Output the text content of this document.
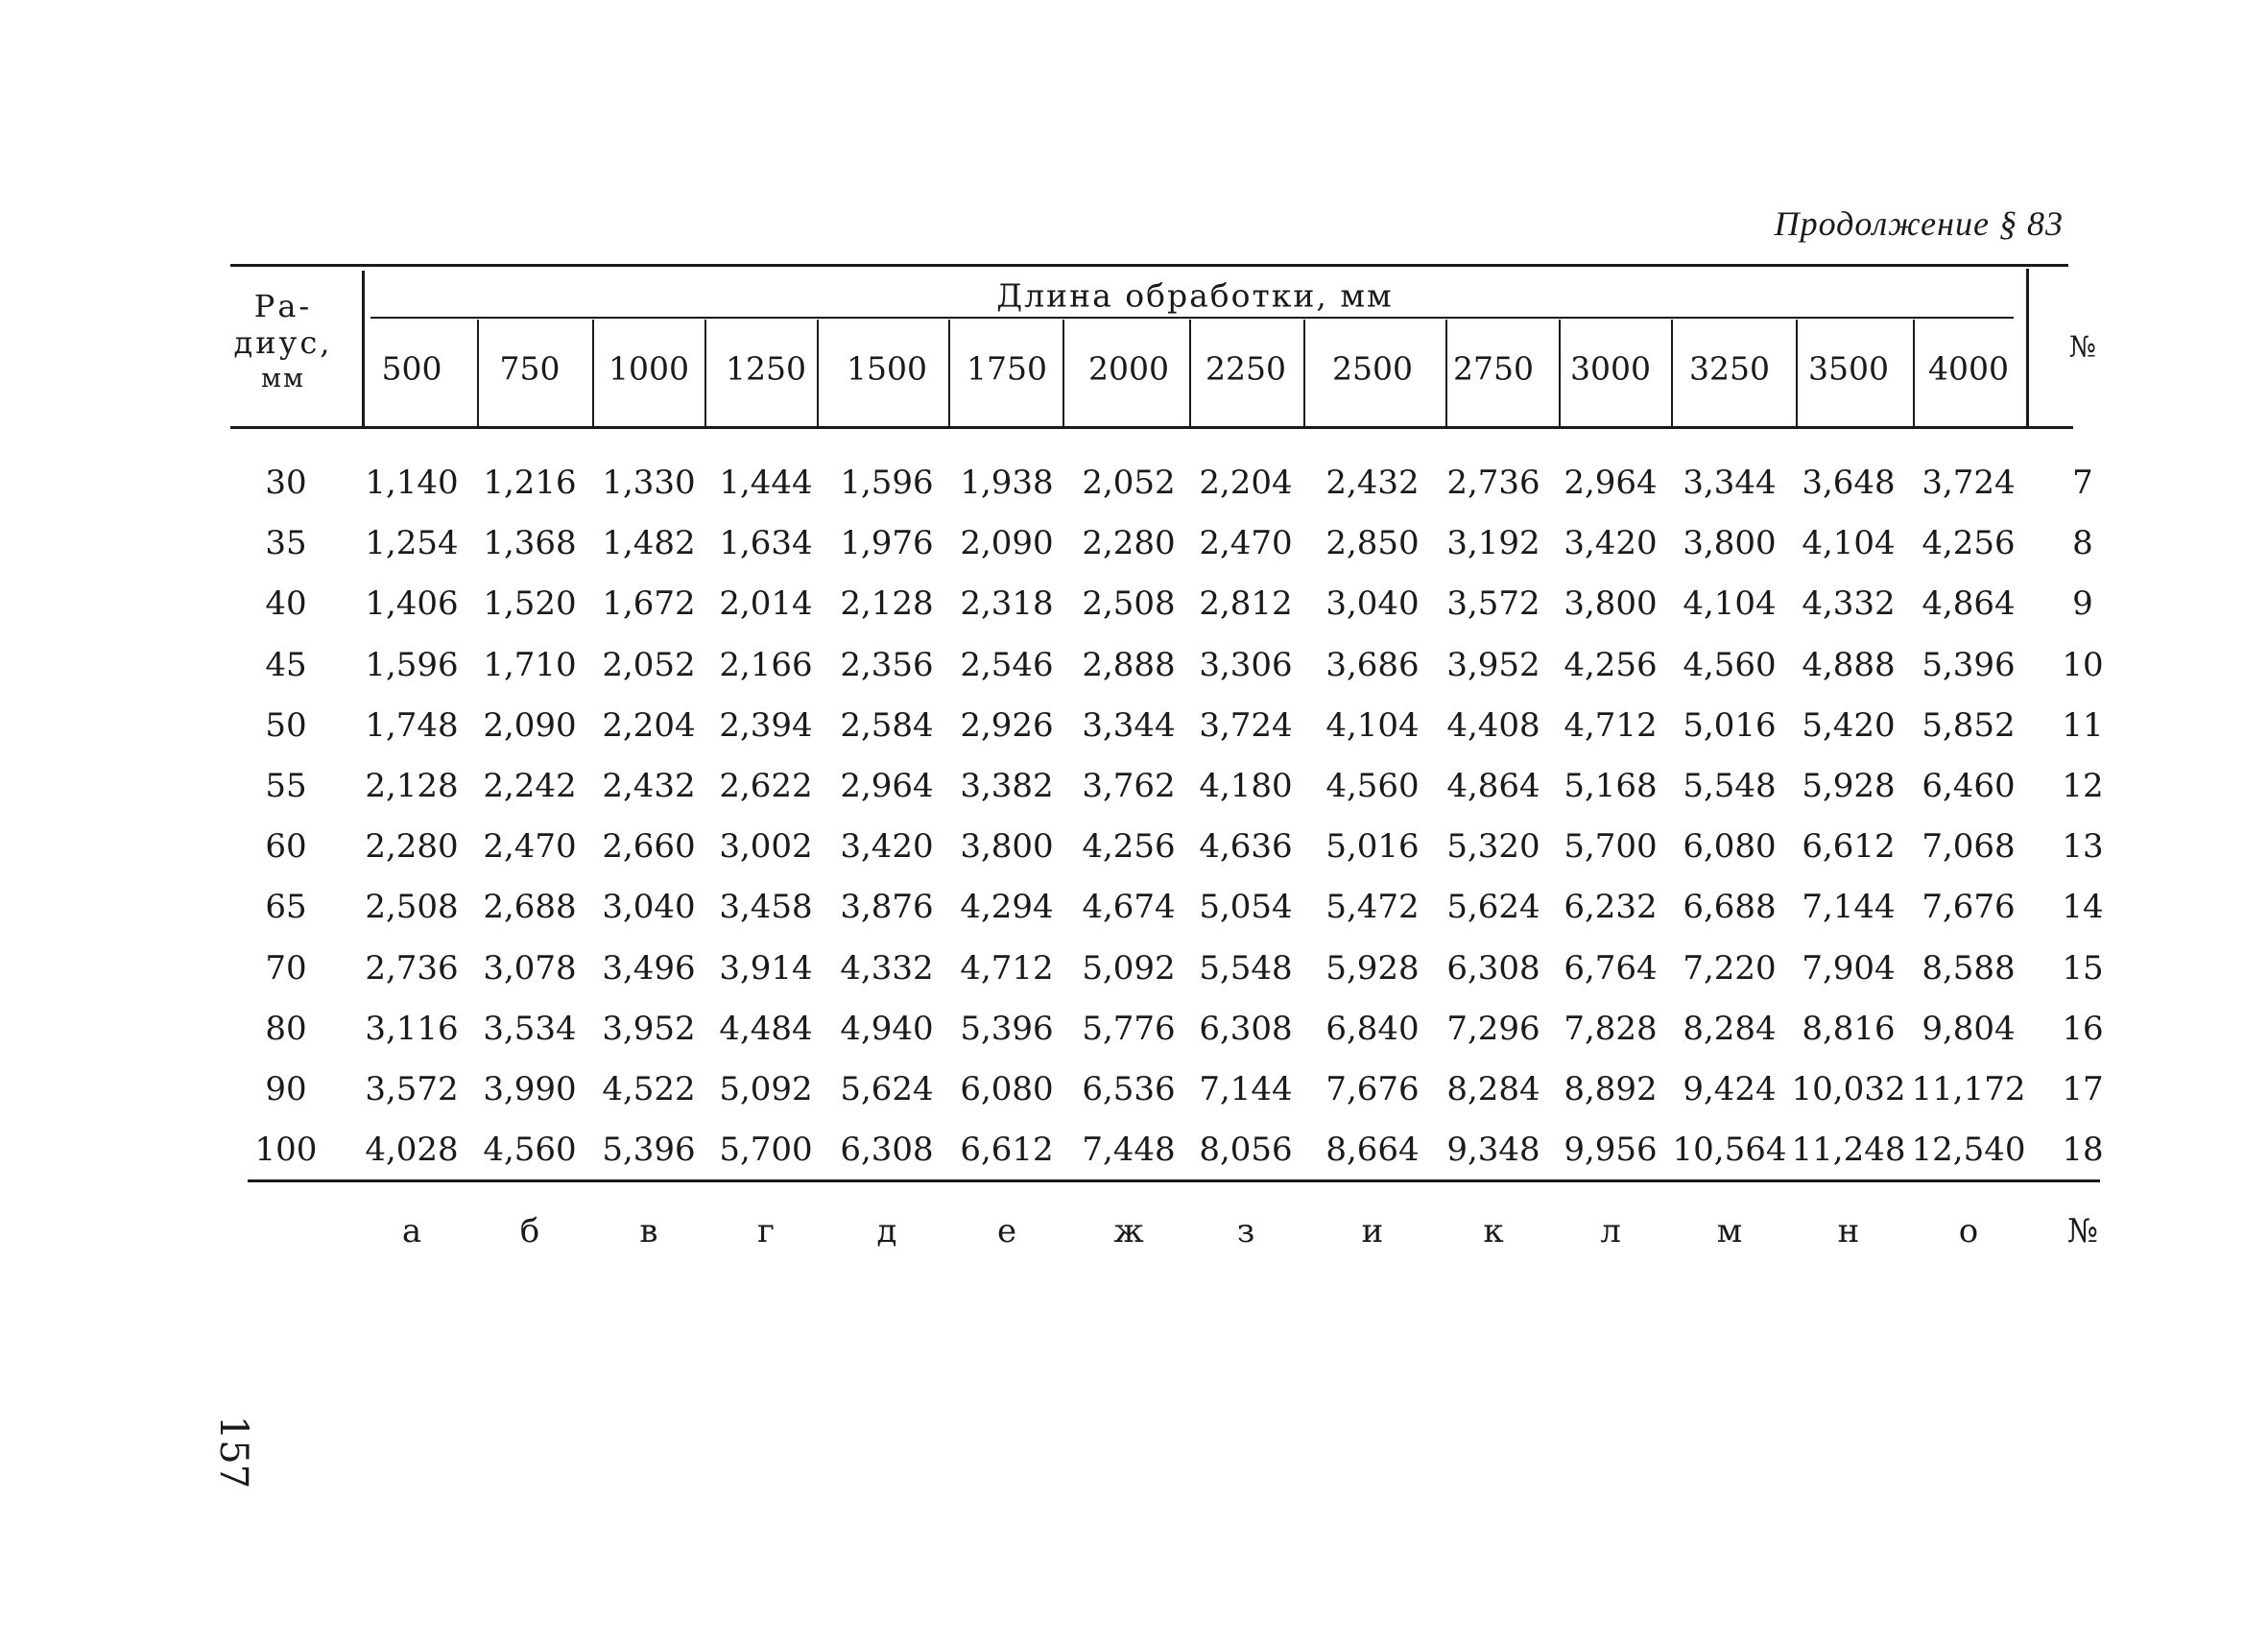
Продолжение § 83
Ра-
диус,
мм
Длина обработки, мм
№
500 750 1000 1250 1500 1750 2000 2250 2500 2750 3000 3250 3500 4000
30 1,140 1,216 1,330 1,444 1,596 1,938 2,052 2,204 2,432 2,736 2,964 3,344 3,648 3,724 7
35 1,254 1,368 1,482 1,634 1,976 2,090 2,280 2,470 2,850 3,192 3,420 3,800 4,104 4,256 8
40 1,406 1,520 1,672 2,014 2,128 2,318 2,508 2,812 3,040 3,572 3,800 4,104 4,332 4,864 9
45 1,596 1,710 2,052 2,166 2,356 2,546 2,888 3,306 3,686 3,952 4,256 4,560 4,888 5,396 10
50 1,748 2,090 2,204 2,394 2,584 2,926 3,344 3,724 4,104 4,408 4,712 5,016 5,420 5,852 11
55 2,128 2,242 2,432 2,622 2,964 3,382 3,762 4,180 4,560 4,864 5,168 5,548 5,928 6,460 12
60 2,280 2,470 2,660 3,002 3,420 3,800 4,256 4,636 5,016 5,320 5,700 6,080 6,612 7,068 13
65 2,508 2,688 3,040 3,458 3,876 4,294 4,674 5,054 5,472 5,624 6,232 6,688 7,144 7,676 14
70 2,736 3,078 3,496 3,914 4,332 4,712 5,092 5,548 5,928 6,308 6,764 7,220 7,904 8,588 15
80 3,116 3,534 3,952 4,484 4,940 5,396 5,776 6,308 6,840 7,296 7,828 8,284 8,816 9,804 16
90 3,572 3,990 4,522 5,092 5,624 6,080 6,536 7,144 7,676 8,284 8,892 9,424 10,032 11,172 17
100 4,028 4,560 5,396 5,700 6,308 6,612 7,448 8,056 8,664 9,348 9,956 10,564 11,248 12,540 18
а	б	в	г	д	е	ж	з	и	к	л	м	н	о	№
157
